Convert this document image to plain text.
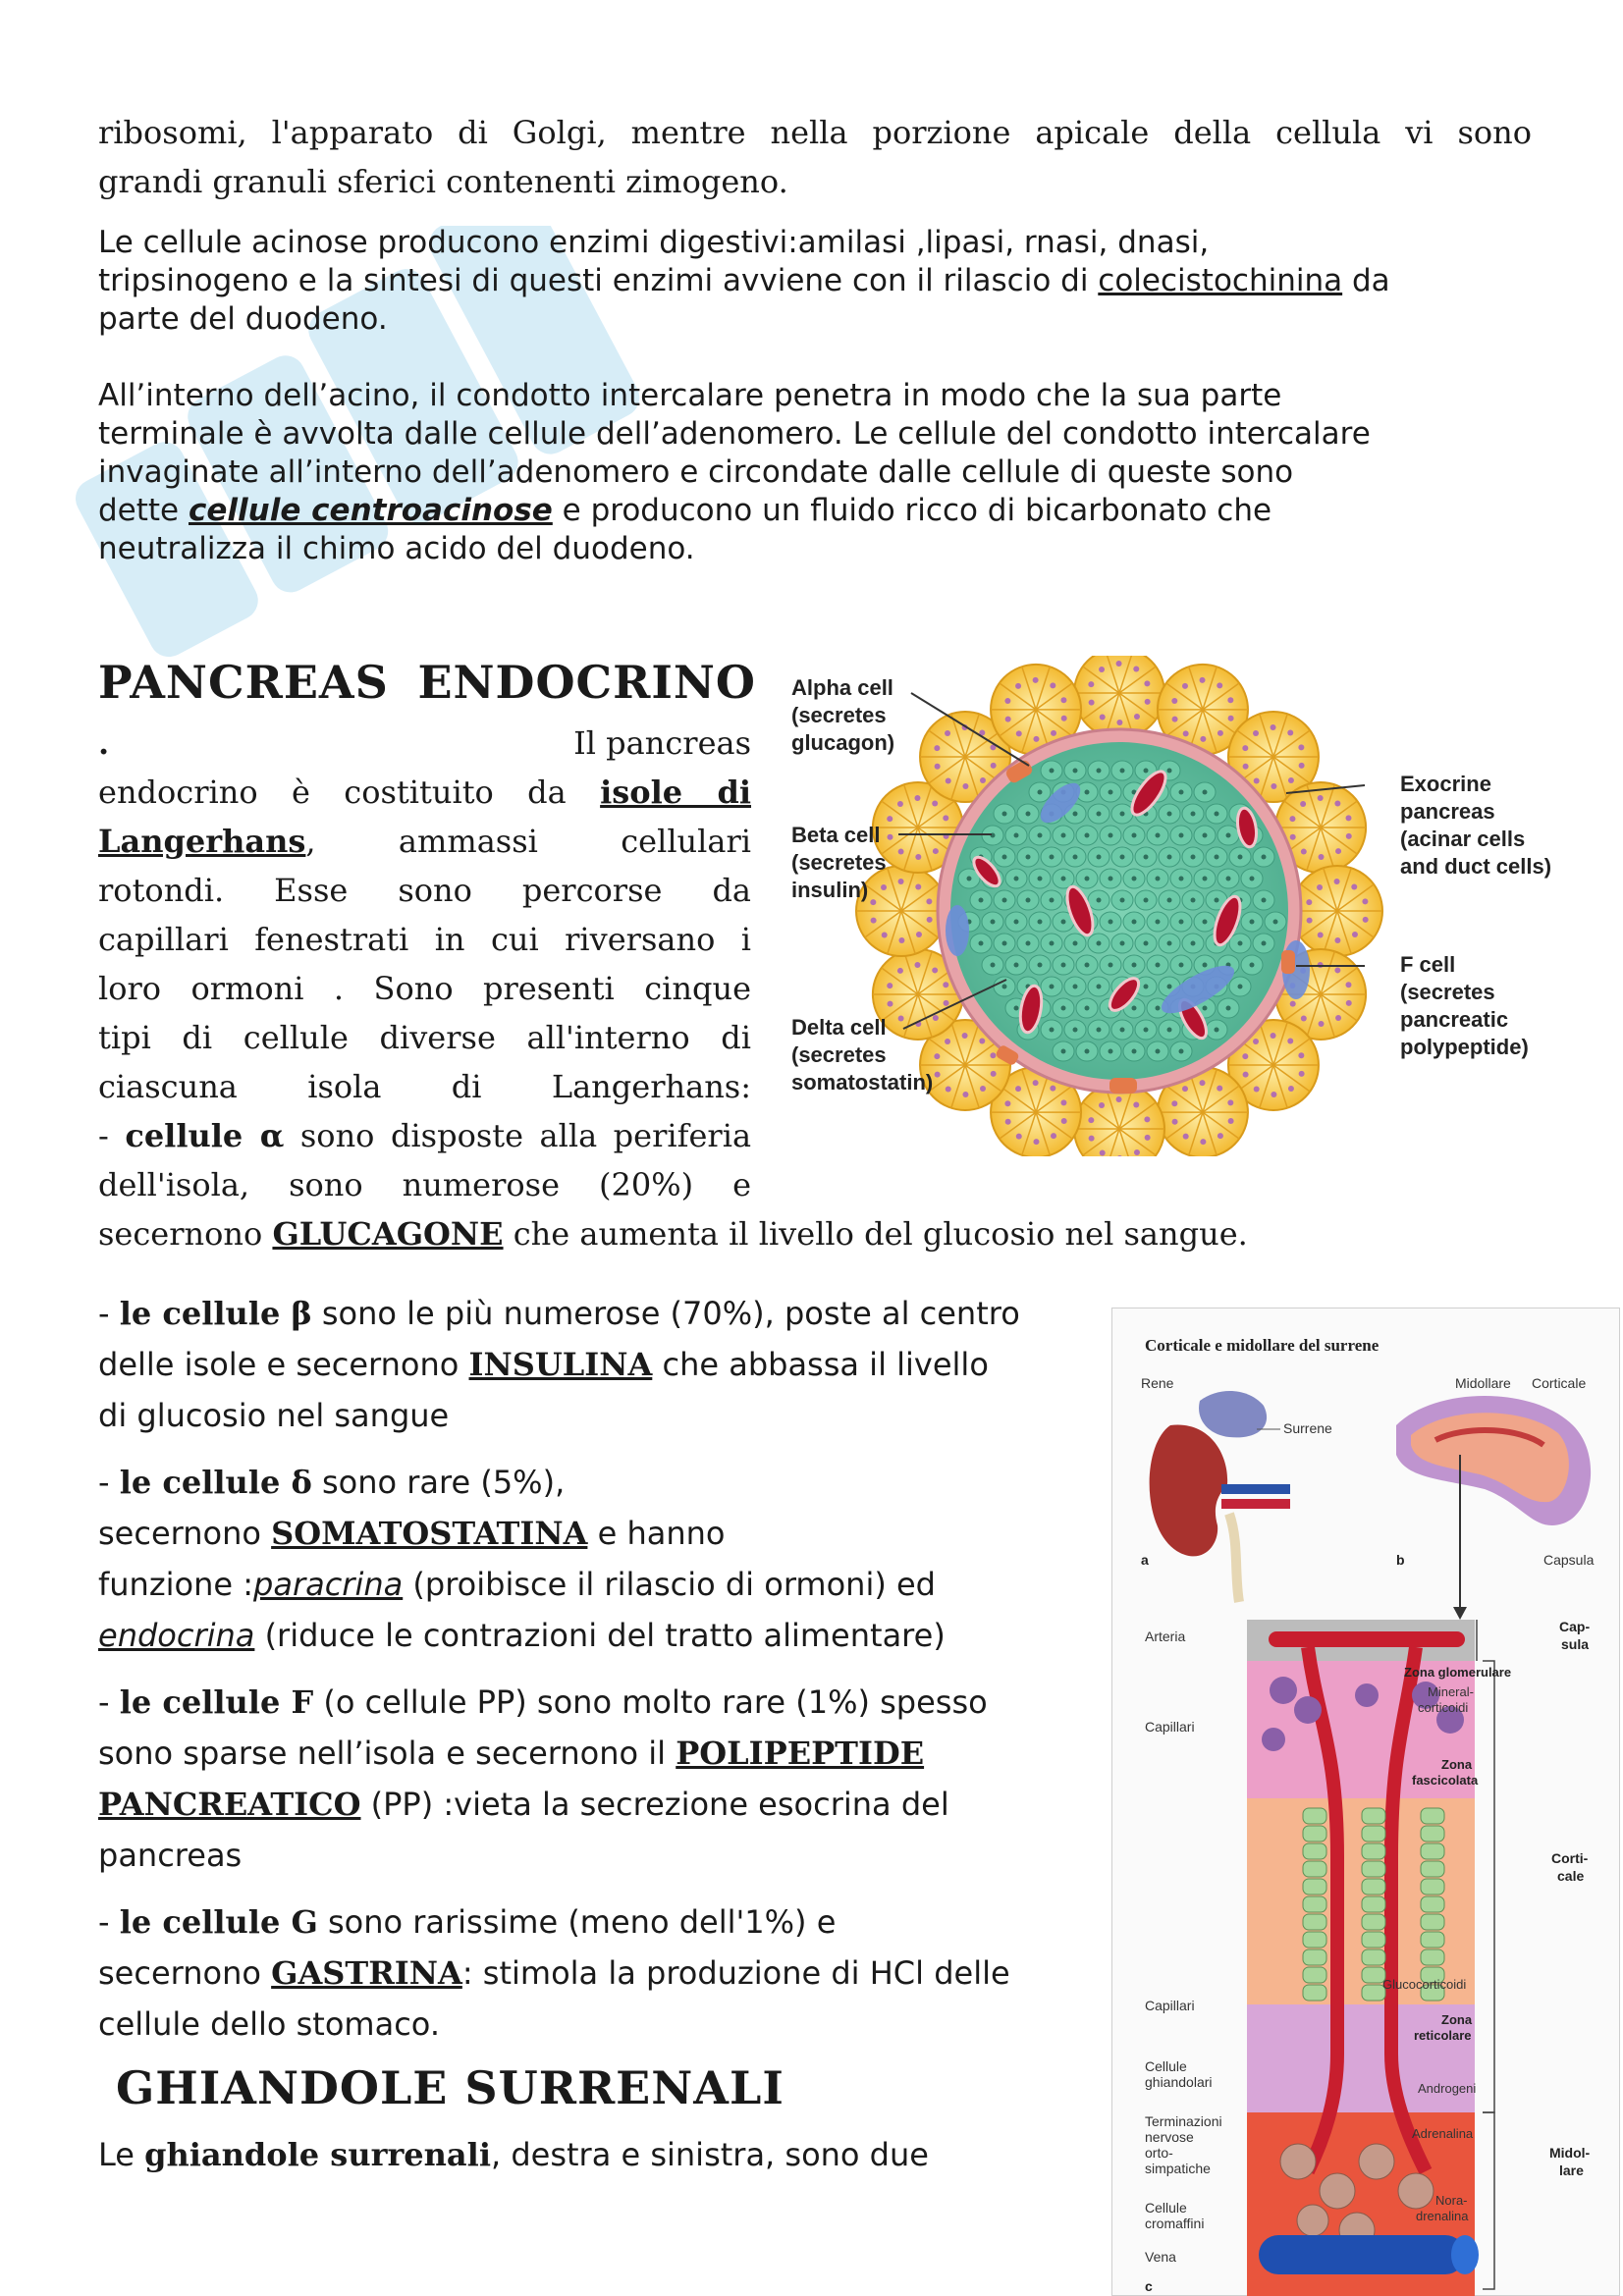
ribosomi, l'apparato di Golgi, mentre nella porzione apicale della cellula vi sono
grandi granuli sferici contenenti zimogeno.
Le cellule acinose producono enzimi digestivi:amilasi ,lipasi, rnasi, dnasi,
tripsinogeno e la sintesi di questi enzimi avviene con il rilascio di colecistochinina da
parte del duodeno.
All’interno dell’acino, il condotto intercalare penetra in modo che la sua parte
terminale è avvolta dalle cellule dell’adenomero. Le cellule del condotto intercalare
invaginate all’interno dell’adenomero e circondate dalle cellule di queste sono
dette cellule centroacinose e producono un fluido ricco di bicarbonato che
neutralizza il chimo acido del duodeno.
PANCREAS ENDOCRINO
.	Il pancreas
endocrino è costituito da isole di
Langerhans, ammassi cellulari
rotondi. Esse sono percorse da
capillari fenestrati in cui riversano i
loro ormoni . Sono presenti cinque
tipi di cellule diverse all'interno di
ciascuna isola di Langerhans:
- cellule α sono disposte alla periferia
dell'isola, sono numerose (20%) e
secernono GLUCAGONE che aumenta il livello del glucosio nel sangue.
Alpha cell
(secretes
glucagon)
Beta cell
(secretes
insulin)
Delta cell
(secretes
somatostatin)
Exocrine
pancreas
(acinar cells
and duct cells)
F cell
(secretes
pancreatic
polypeptide)
- le cellule β sono le più numerose (70%), poste al centro
delle isole e secernono INSULINA che abbassa il livello
di glucosio nel sangue
- le cellule δ sono rare (5%),
secernono SOMATOSTATINA e hanno
funzione :paracrina (proibisce il rilascio di ormoni) ed
endocrina (riduce le contrazioni del tratto alimentare)
- le cellule F (o cellule PP) sono molto rare (1%) spesso
sono sparse nell’isola e secernono il POLIPEPTIDE
PANCREATICO (PP) :vieta la secrezione esocrina del
pancreas
- le cellule G sono rarissime (meno dell'1%) e
secernono GASTRINA: stimola la produzione di HCl delle
cellule dello stomaco.
GHIANDOLE SURRENALI
Le ghiandole surrenali, destra e sinistra, sono due
Corticale e midollare del surrene
Rene
Surrene
a
Midollare Corticale
b	Capsula
Arteria
Cap-
sula
Zona glomerulare
Mineral-
corticoidi
Capillari
Zona
fascicolata
Corti-
cale
Glucocorticoidi
Capillari
Zona
reticolare
Androgeni
Cellule
ghiandolari
Terminazioni
nervose
orto-
simpatiche
Adrenalina
Midol-
lare
Cellule
cromaffini
Nora-
drenalina
Vena
c
